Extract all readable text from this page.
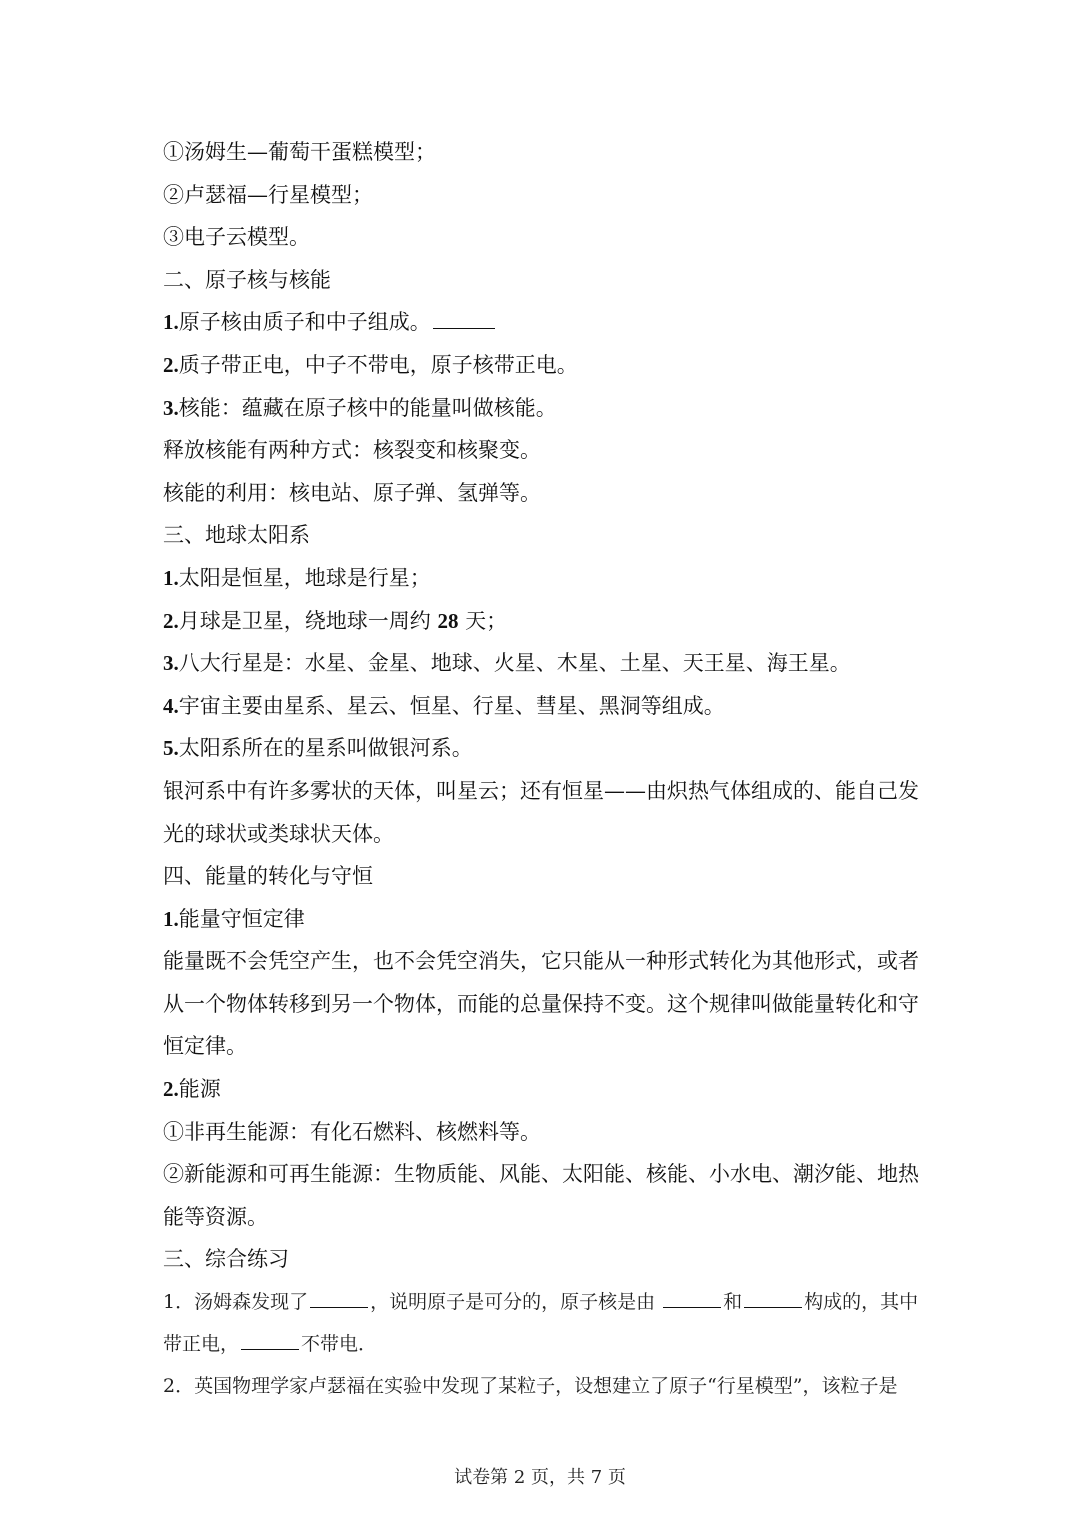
①汤姆生—葡萄干蛋糕模型；
②卢瑟福—行星模型；
③电子云模型。
二、原子核与核能
1.原子核由质子和中子组成。
2.质子带正电，中子不带电，原子核带正电。
3.核能：蕴藏在原子核中的能量叫做核能。
释放核能有两种方式：核裂变和核聚变。
核能的利用：核电站、原子弹、氢弹等。
三、地球太阳系
1.太阳是恒星，地球是行星；
2.月球是卫星，绕地球一周约 28 天；
3.八大行星是：水星、金星、地球、火星、木星、土星、天王星、海王星。
4.宇宙主要由星系、星云、恒星、行星、彗星、黑洞等组成。
5.太阳系所在的星系叫做银河系。
银河系中有许多雾状的天体，叫星云；还有恒星——由炽热气体组成的、能自己发光的球状或类球状天体。
四、能量的转化与守恒
1.能量守恒定律
能量既不会凭空产生，也不会凭空消失，它只能从一种形式转化为其他形式，或者从一个物体转移到另一个物体，而能的总量保持不变。这个规律叫做能量转化和守恒定律。
2.能源
①非再生能源：有化石燃料、核燃料等。
②新能源和可再生能源：生物质能、风能、太阳能、核能、小水电、潮汐能、地热能等资源。
三、综合练习
1．汤姆森发现了	，说明原子是可分的，原子核是由	和	构成的，其中带正电，	不带电．
2．英国物理学家卢瑟福在实验中发现了某粒子，设想建立了原子“行星模型”，该粒子是
试卷第 2 页，共 7 页
